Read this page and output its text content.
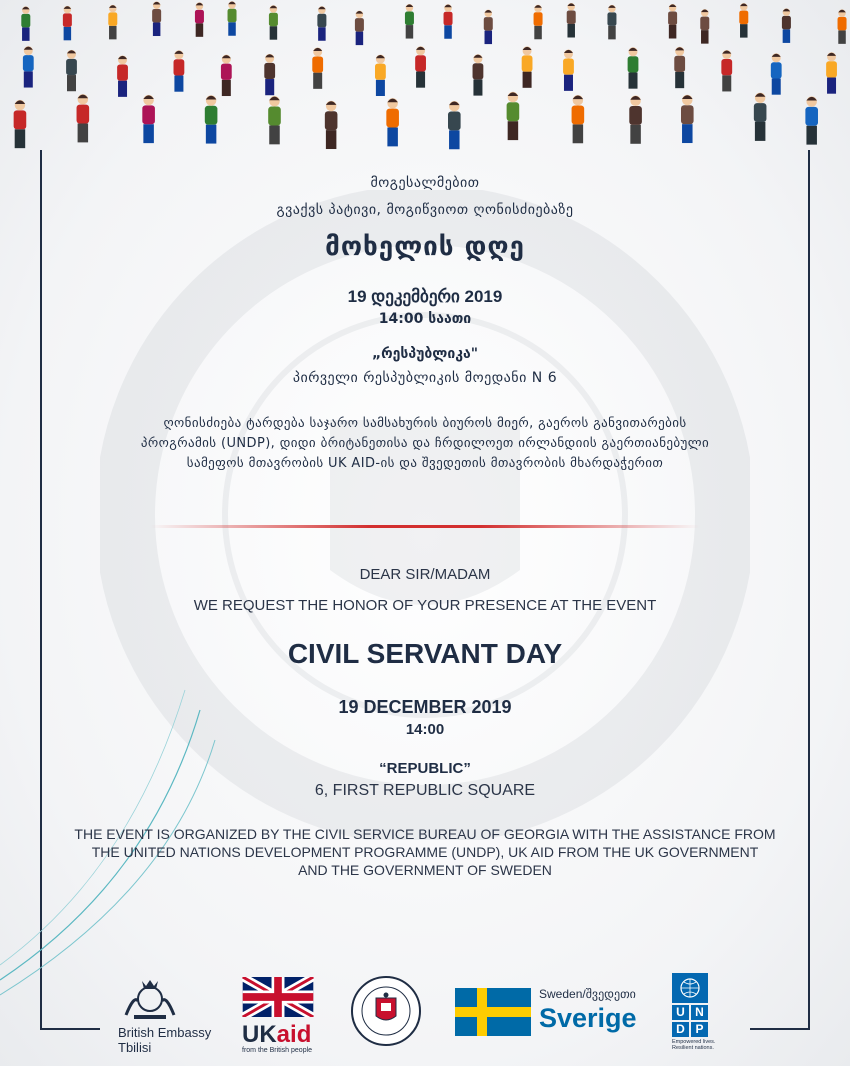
მოგესალმებით

გვაქვს პატივი, მოგიწვიოთ ღონისძიებაზე

მოხელის დღე

19 დეკემბერი 2019

14:00 საათი

„რესპუბლიკა"

პირველი რესპუბლიკის მოედანი N 6

ღონისძიება ტარდება საჯარო სამსახურის ბიუროს მიერ, გაეროს განვითარების
პროგრამის (UNDP), დიდი ბრიტანეთისა და ჩრდილოეთ ირლანდიის გაერთიანებული
სამეფოს მთავრობის UK AID-ის და შვედეთის მთავრობის მხარდაჭერით

DEAR SIR/MADAM

WE REQUEST THE HONOR OF YOUR PRESENCE AT THE EVENT

CIVIL SERVANT DAY

19 DECEMBER 2019

14:00

“REPUBLIC”

6, FIRST REPUBLIC SQUARE

THE EVENT IS ORGANIZED BY THE CIVIL SERVICE BUREAU OF GEORGIA WITH THE ASSISTANCE FROM
THE UNITED NATIONS DEVELOPMENT PROGRAMME (UNDP), UK AID FROM THE UK GOVERNMENT
AND THE GOVERNMENT OF SWEDEN
British Embassy
Tbilisi	UKaid
from the British people
Sweden/შვედეთი
Sverige	U N
D P
Empowered lives.
Resilient nations.
